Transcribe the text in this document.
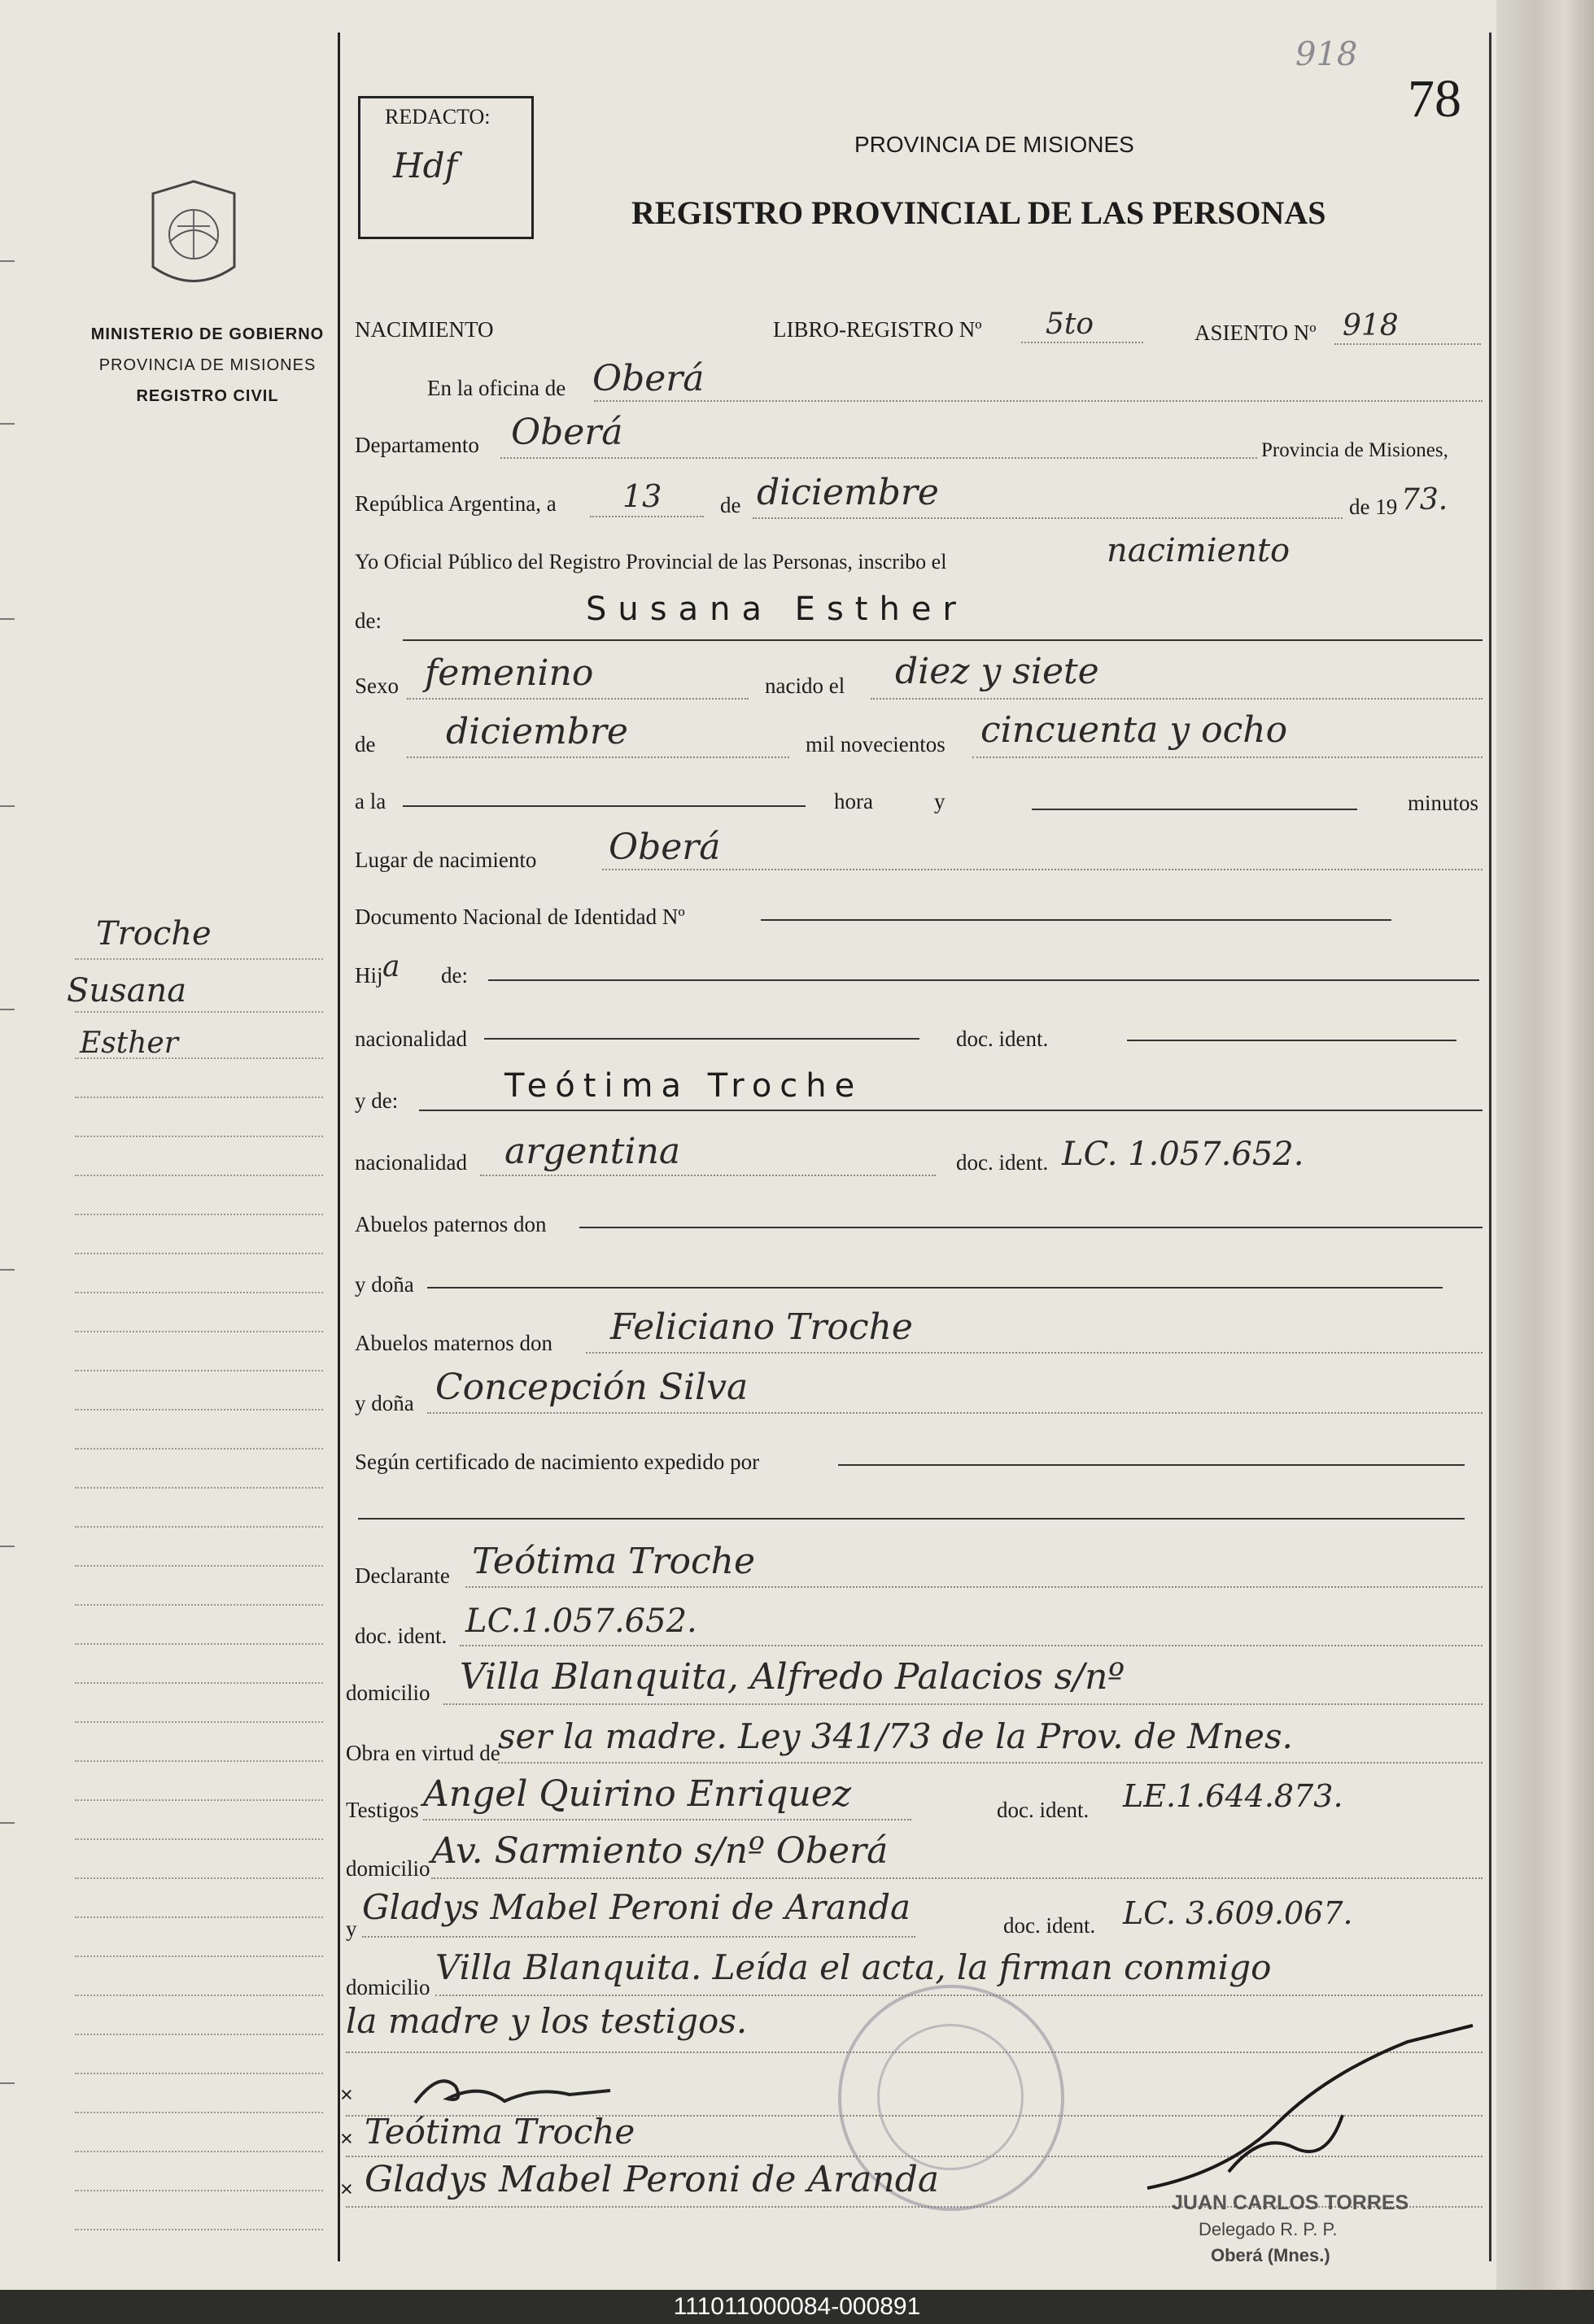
MINISTERIO DE GOBIERNO
PROVINCIA DE MISIONES
REGISTRO CIVIL
Troche
Susana
Esther
REDACTO:
Hdf
918
78
PROVINCIA DE MISIONES
REGISTRO PROVINCIAL DE LAS PERSONAS
NACIMIENTO	LIBRO-REGISTRO Nº 5to	ASIENTO Nº 918
En la oficina de Oberá
Departamento Oberá	Provincia de Misiones,
República Argentina, a 13	de diciembre	de 19 73.
Yo Oficial Público del Registro Provincial de las Personas, inscribo el	nacimiento
de:	Susana Esther
Sexo femenino	nacido el diez y siete
de diciembre	mil novecientos cincuenta y ocho
a la	hora	y	minutos
Lugar de nacimiento Oberá
Documento Nacional de Identidad Nº
Hij a de:
nacionalidad	doc. ident.
y de:	Teótima Troche
nacionalidad argentina	doc. ident. LC. 1.057.652.
Abuelos paternos don
y doña
Abuelos maternos don Feliciano Troche
y doña Concepción Silva
Según certificado de nacimiento expedido por
Declarante Teótima Troche
doc. ident. LC.1.057.652.
domicilio Villa Blanquita, Alfredo Palacios s/nº
Obra en virtud de
ser la madre. Ley 341/73 de la Prov. de Mnes.
Testigos Angel Quirino Enriquez	doc. ident. LE.1.644.873.
domicilio Av. Sarmiento s/nº Oberá
y
Gladys Mabel Peroni de Aranda	doc. ident. LC. 3.609.067.
domicilio Villa Blanquita. Leída el acta, la firman conmigo
la madre y los testigos.
×
× Teótima Troche
× Gladys Mabel Peroni de Aranda
JUAN CARLOS TORRES
Delegado R. P. P.
Oberá (Mnes.)
111011000084-000891
